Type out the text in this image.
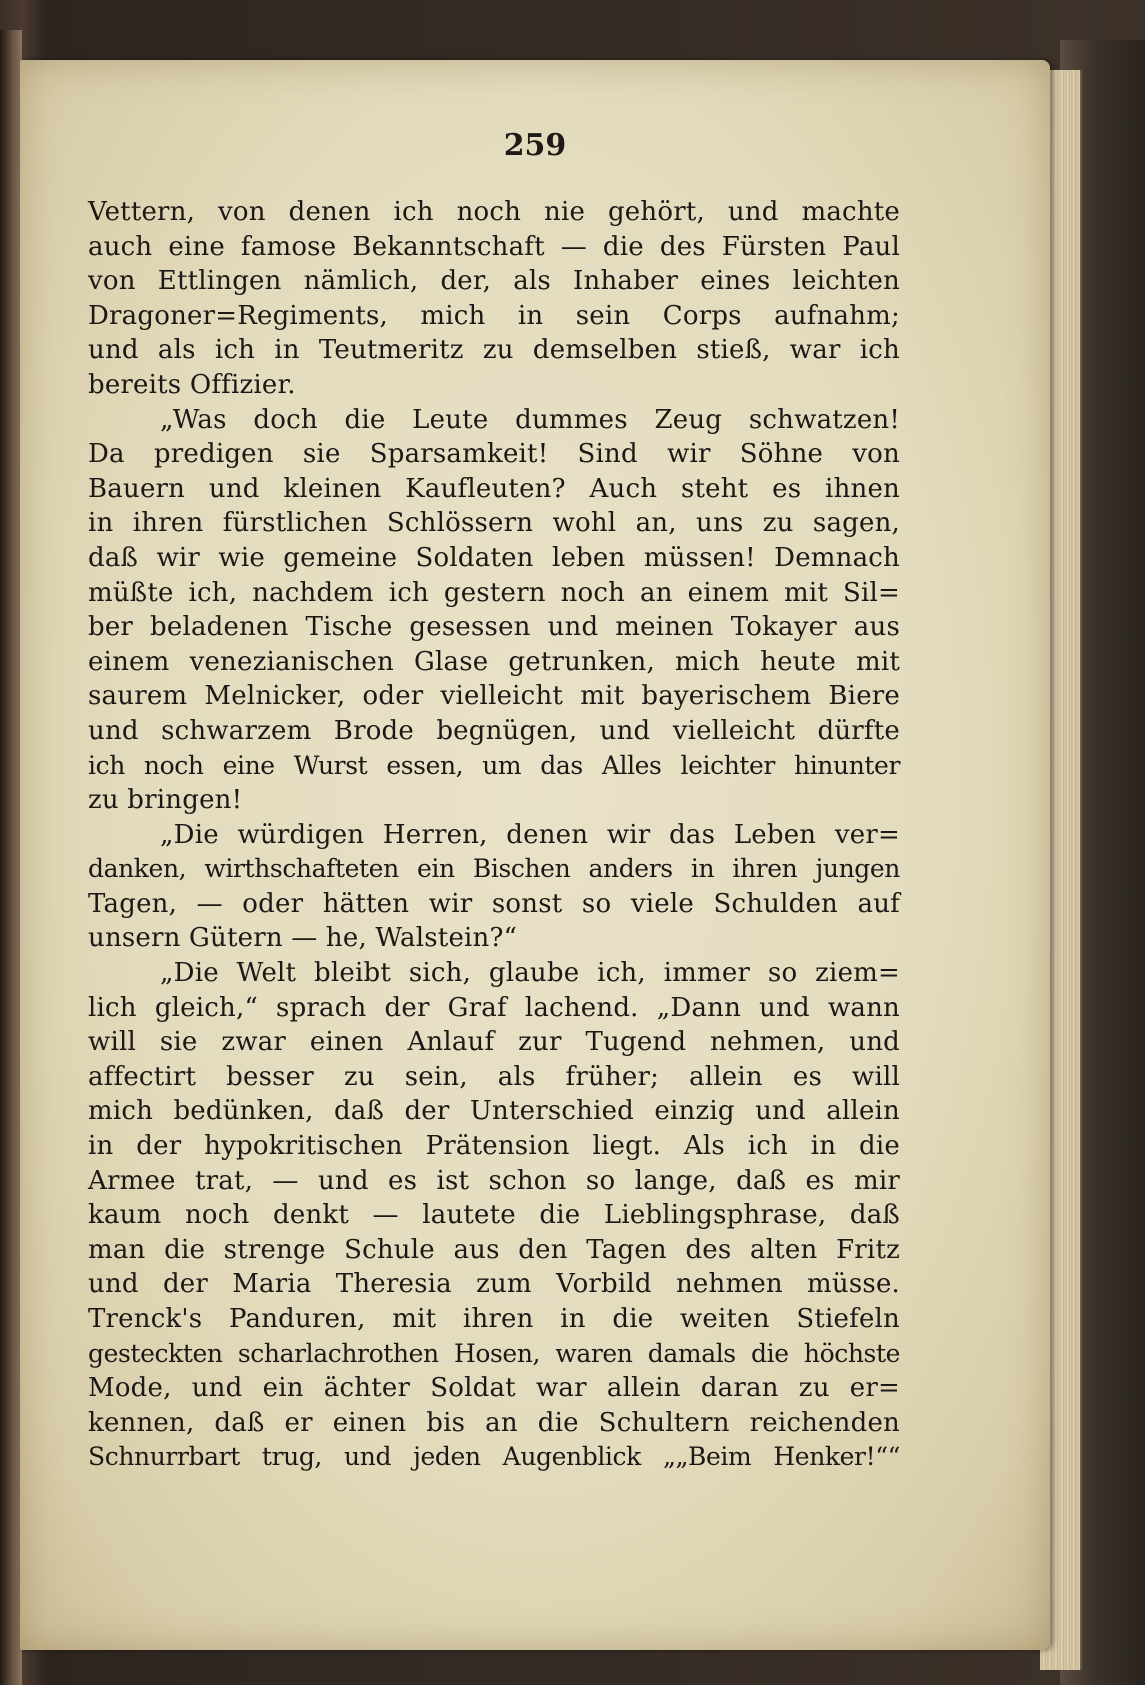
259
Vettern, von denen ich noch nie gehört, und machte
auch eine famose Bekanntschaft — die des Fürsten Paul
von Ettlingen nämlich, der, als Inhaber eines leichten
Dragoner=Regiments, mich in sein Corps aufnahm;
und als ich in Teutmeritz zu demselben stieß, war ich
bereits Offizier.
„Was doch die Leute dummes Zeug schwatzen!
Da predigen sie Sparsamkeit! Sind wir Söhne von
Bauern und kleinen Kaufleuten? Auch steht es ihnen
in ihren fürstlichen Schlössern wohl an, uns zu sagen,
daß wir wie gemeine Soldaten leben müssen! Demnach
müßte ich, nachdem ich gestern noch an einem mit Sil=
ber beladenen Tische gesessen und meinen Tokayer aus
einem venezianischen Glase getrunken, mich heute mit
saurem Melnicker, oder vielleicht mit bayerischem Biere
und schwarzem Brode begnügen, und vielleicht dürfte
ich noch eine Wurst essen, um das Alles leichter hinunter
zu bringen!
„Die würdigen Herren, denen wir das Leben ver=
danken, wirthschafteten ein Bischen anders in ihren jungen
Tagen, — oder hätten wir sonst so viele Schulden auf
unsern Gütern — he, Walstein?“
„Die Welt bleibt sich, glaube ich, immer so ziem=
lich gleich,“ sprach der Graf lachend. „Dann und wann
will sie zwar einen Anlauf zur Tugend nehmen, und
affectirt besser zu sein, als früher; allein es will
mich bedünken, daß der Unterschied einzig und allein
in der hypokritischen Prätension liegt. Als ich in die
Armee trat, — und es ist schon so lange, daß es mir
kaum noch denkt — lautete die Lieblingsphrase, daß
man die strenge Schule aus den Tagen des alten Fritz
und der Maria Theresia zum Vorbild nehmen müsse.
Trenck's Panduren, mit ihren in die weiten Stiefeln
gesteckten scharlachrothen Hosen, waren damals die höchste
Mode, und ein ächter Soldat war allein daran zu er=
kennen, daß er einen bis an die Schultern reichenden
Schnurrbart trug, und jeden Augenblick „„Beim Henker!““
